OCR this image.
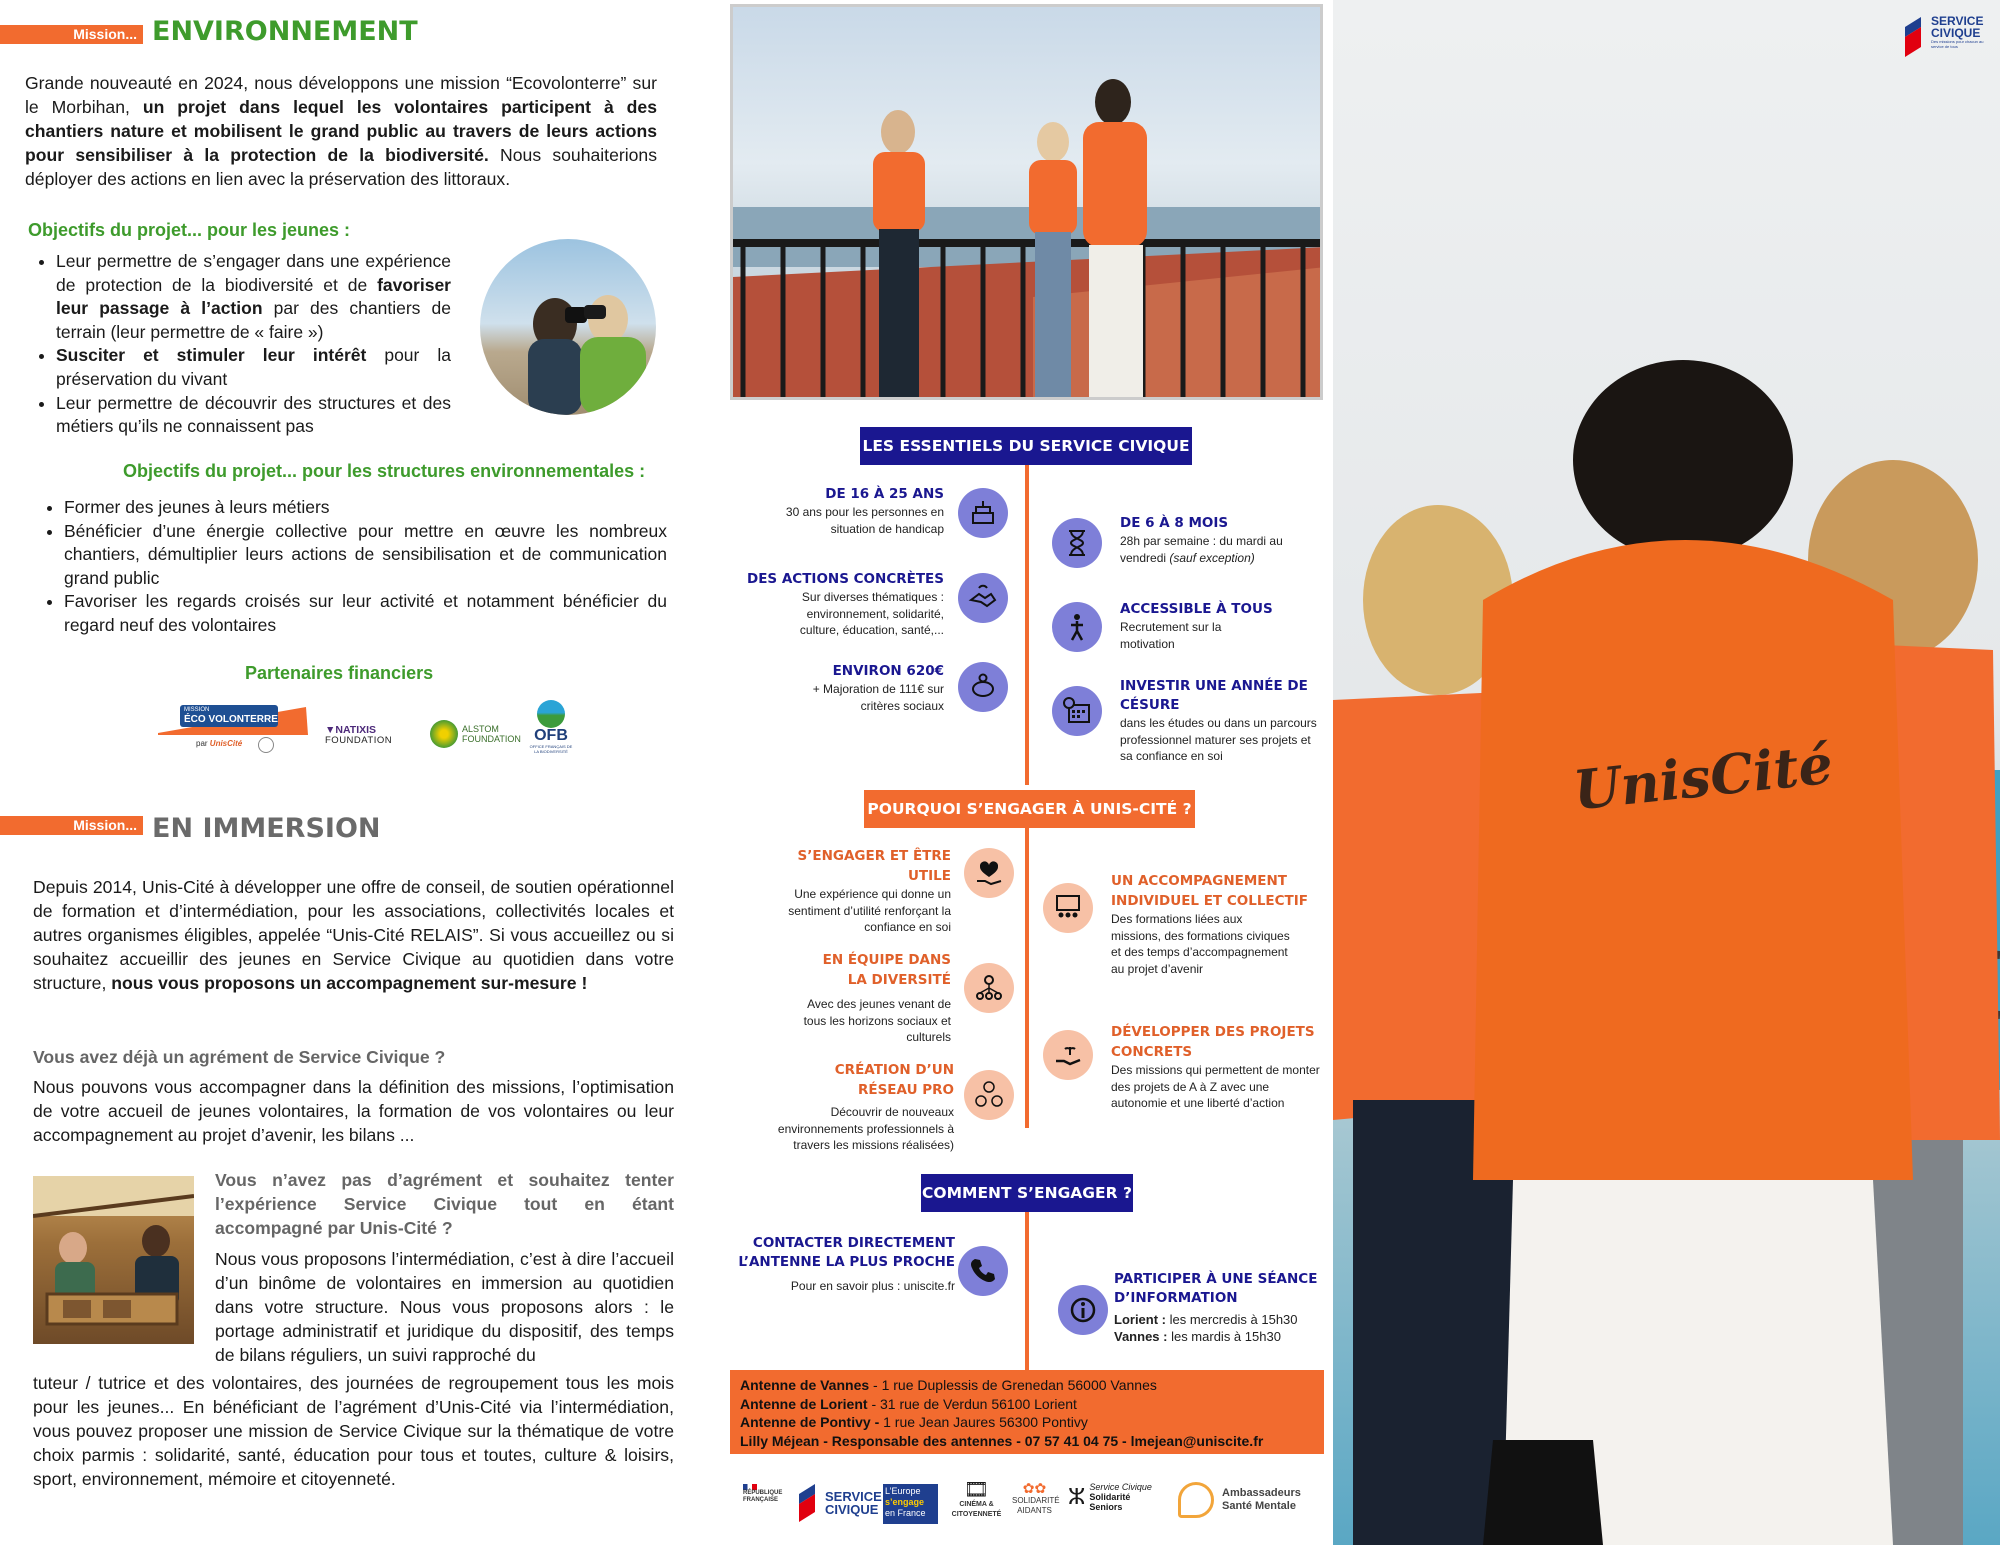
Mission... ENVIRONNEMENT
Grande nouveauté en 2024, nous développons une mission “Ecovolonterre” sur le Morbihan, un projet dans lequel les volontaires participent à des chantiers nature et mobilisent le grand public au travers de leurs actions pour sensibiliser à la protection de la biodiversité. Nous souhaiterions déployer des actions en lien avec la préservation des littoraux.
Objectifs du projet... pour les jeunes :
• Leur permettre de s’engager dans une expérience de protection de la biodiversité et de favoriser leur passage à l’action par des chantiers de terrain (leur permettre de « faire »)
• Susciter et stimuler leur intérêt pour la préservation du vivant
• Leur permettre de découvrir des structures et des métiers qu’ils ne connaissent pas
Objectifs du projet... pour les structures environnementales :
• Former des jeunes à leurs métiers
• Bénéficier d’une énergie collective pour mettre en œuvre les nombreux chantiers, démultiplier leurs actions de sensibilisation et de communication grand public
• Favoriser les regards croisés sur leur activité et notamment bénéficier du regard neuf des volontaires
Partenaires financiers
MISSION
ÉCO VOLONTERRE
par UnisCité
▼NATIXIS
FOUNDATION
ALSTOM
FOUNDATION OFB
OFFICE FRANÇAIS DE LA BIODIVERSITÉ
Mission... EN IMMERSION
Depuis 2014, Unis-Cité à développer une offre de conseil, de soutien opérationnel de formation et d’intermédiation, pour les associations, collectivités locales et autres organismes éligibles, appelée “Unis-Cité RELAIS”. Si vous accueillez ou si souhaitez accueillir des jeunes en Service Civique au quotidien dans votre structure, nous vous proposons un accompagnement sur-mesure !
Vous avez déjà un agrément de Service Civique ?
Nous pouvons vous accompagner dans la définition des missions, l’optimisation de votre accueil de jeunes volontaires, la formation de vos volontaires ou leur accompagnement au projet d’avenir, les bilans ...
Vous n’avez pas d’agrément et souhaitez tenter l’expérience Service Civique tout en étant accompagné par Unis-Cité ?
Nous vous proposons l’intermédiation, c’est à dire l’accueil d’un binôme de volontaires en immersion au quotidien dans votre structure. Nous vous proposons alors : le portage administratif et juridique du dispositif, des temps de bilans réguliers, un suivi rapproché du
tuteur / tutrice et des volontaires, des journées de regroupement tous les mois pour les jeunes... En bénéficiant de l’agrément d’Unis-Cité via l’intermédiation, vous pouvez proposer une mission de Service Civique sur la thématique de votre choix parmis : solidarité, santé, éducation pour tous et toutes, culture & loisirs, sport, environnement, mémoire et citoyenneté.
LES ESSENTIELS DU SERVICE CIVIQUE
DE 16 À 25 ANS
30 ans pour les personnes en situation de handicap	DE 6 À 8 MOIS
28h par semaine : du mardi au vendredi (sauf exception)
DES ACTIONS CONCRÈTES
Sur diverses thématiques : environnement, solidarité, culture, éducation, santé,...
ACCESSIBLE À TOUS
Recrutement sur la motivation
ENVIRON 620€
+ Majoration de 111€ sur critères sociaux
INVESTIR UNE ANNÉE DE CÉSURE
dans les études ou dans un parcours professionnel maturer ses projets et sa confiance en soi
POURQUOI S’ENGAGER À UNIS-CITÉ ?
S’ENGAGER ET ÊTRE UTILE
Une expérience qui donne un sentiment d’utilité renforçant la confiance en soi
UN ACCOMPAGNEMENT INDIVIDUEL ET COLLECTIF
Des formations liées aux missions, des formations civiques et des temps d’accompagnement au projet d’avenir
EN ÉQUIPE DANS LA DIVERSITÉ
Avec des jeunes venant de tous les horizons sociaux et culturels	DÉVELOPPER DES PROJETS CONCRETS
Des missions qui permettent de monter des projets de A à Z avec une autonomie et une liberté d’action
CRÉATION D’UN RÉSEAU PRO
Découvrir de nouveaux environnements professionnels à travers les missions réalisées)
COMMENT S’ENGAGER ?
CONTACTER DIRECTEMENT L’ANTENNE LA PLUS PROCHE
Pour en savoir plus : uniscite.fr	PARTICIPER À UNE SÉANCE D’INFORMATION
Lorient : les mercredis à 15h30
Vannes : les mardis à 15h30
Antenne de Vannes - 1 rue Duplessis de Grenedan 56000 Vannes
Antenne de Lorient - 31 rue de Verdun 56100 Lorient
Antenne de Pontivy - 1 rue Jean Jaures 56300 Pontivy
Lilly Méjean - Responsable des antennes - 07 57 41 04 75 - lmejean@uniscite.fr
RÉPUBLIQUE FRANÇAISE	SERVICE
CIVIQUE
L’Europe
s’engage
en France
🎞
CINÉMA &
CITOYENNETÉ
✿✿
SOLIDARITÉ
AIDANTS
ⵣ Service Civique
Solidarité
Seniors
Ambassadeurs
Santé Mentale
UnisCité
SERVICE
CIVIQUE
Des missions pour chacun au service de tous
